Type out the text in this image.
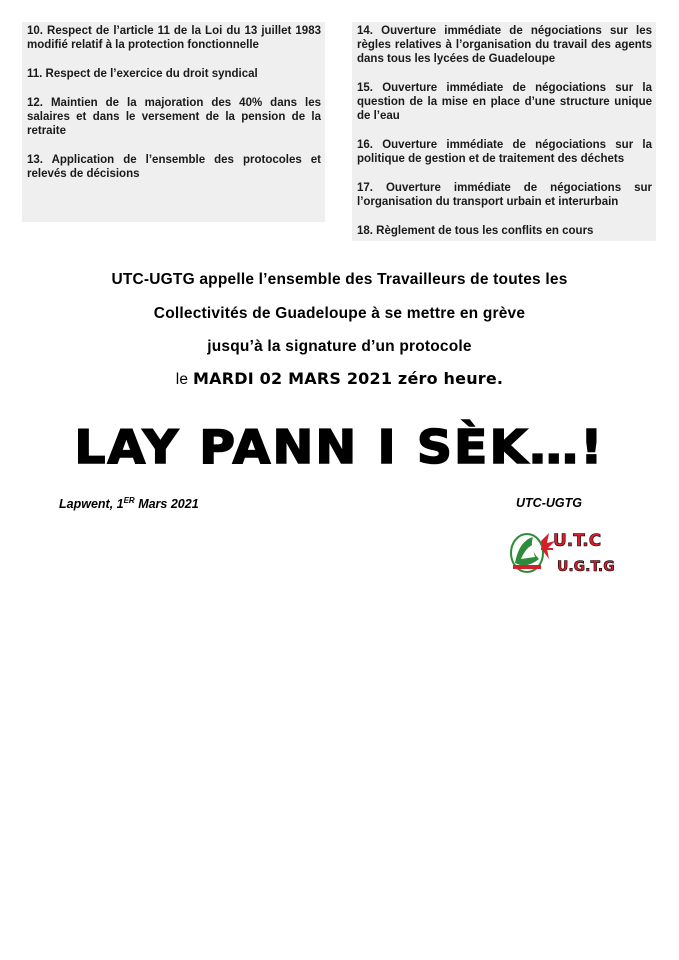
10. Respect de l’article 11 de la Loi du 13 juillet 1983 modifié relatif à la protection fonctionnelle

11. Respect de l’exercice du droit syndical

12. Maintien de la majoration des 40% dans les salaires et dans le versement de la pension de la retraite

13. Application de l’ensemble des protocoles et relevés de décisions

14. Ouverture immédiate de négociations sur les règles relatives à l’organisation du travail des agents dans tous les lycées de Guadeloupe

15. Ouverture immédiate de négociations sur la question de la mise en place d’une structure unique de l’eau

16. Ouverture immédiate de négociations sur la politique de gestion et de traitement des déchets

17. Ouverture immédiate de négociations sur l’organisation du transport urbain et interurbain

18. Règlement de tous les conflits en cours

UTC-UGTG appelle l’ensemble des Travailleurs de toutes les
Collectivités de Guadeloupe à se mettre en grève
jusqu’à la signature d’un protocole
le MARDI 02 MARS 2021 zéro heure.
LAY PANN I SÈK…!
Lapwent, 1ER Mars 2021	UTC-UGTG
U.T.C
U.G.T.G
